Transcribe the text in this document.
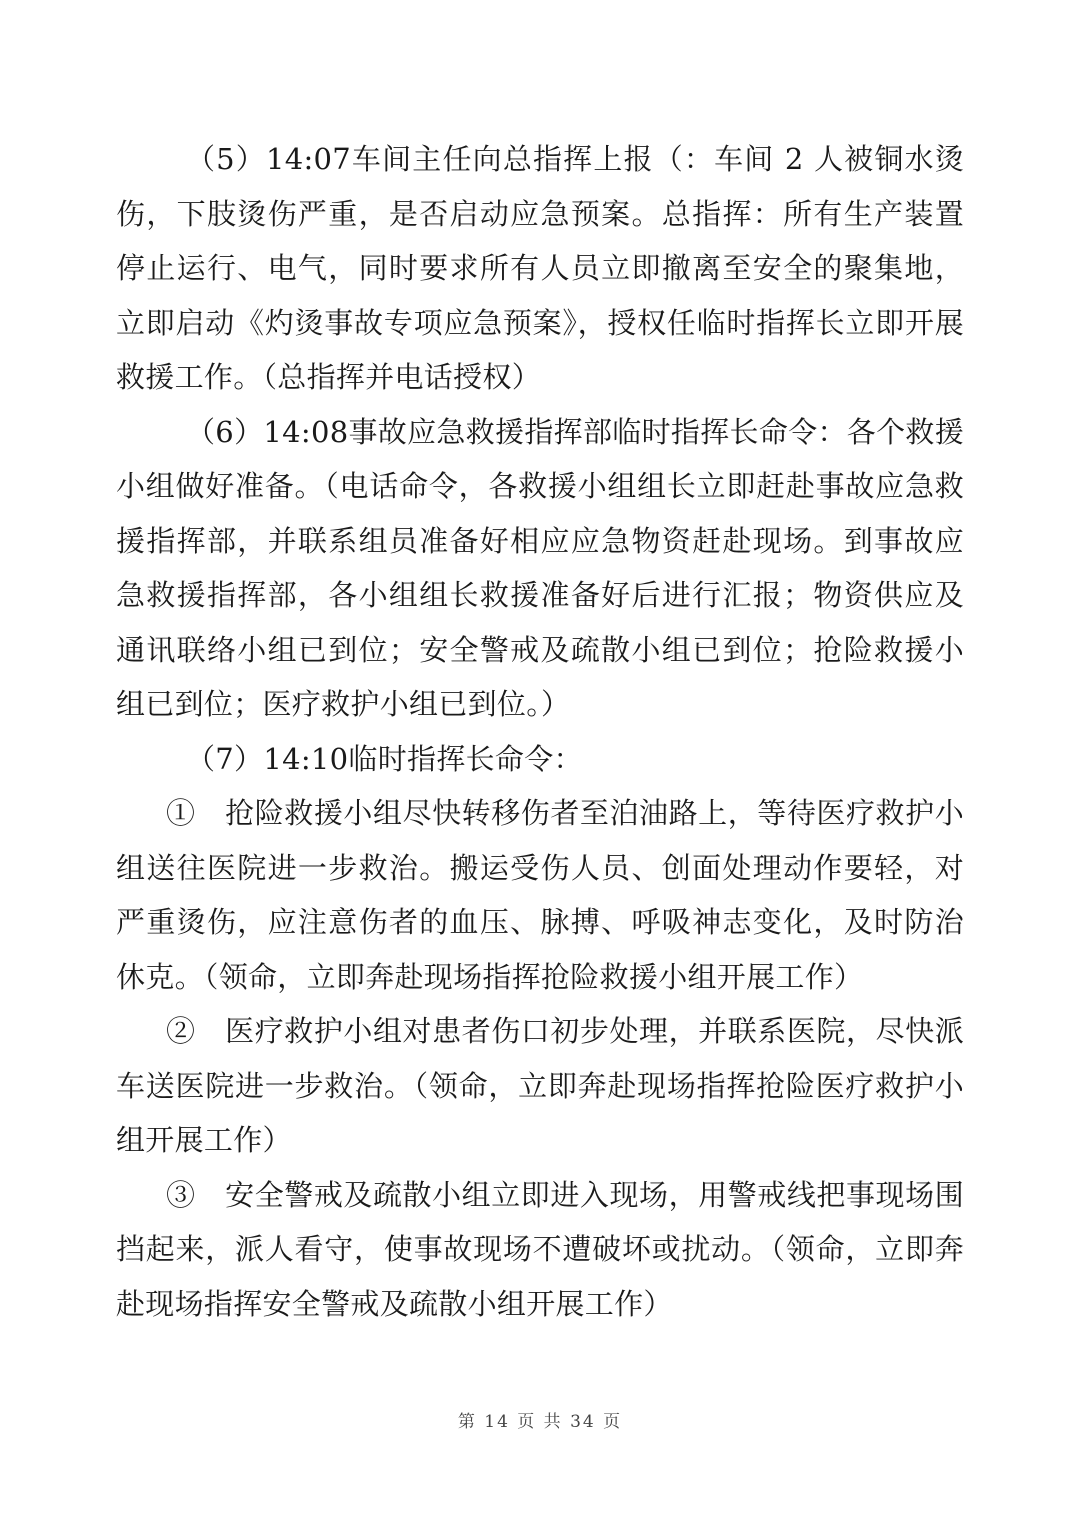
（5）14:07车间主任向总指挥上报（：车间 2 人被铜水烫伤，下肢烫伤严重，是否启动应急预案。总指挥：所有生产装置停止运行、电气，同时要求所有人员立即撤离至安全的聚集地，立即启动《灼烫事故专项应急预案》，授权任临时指挥长立即开展救援工作。（总指挥并电话授权）

（6）14:08事故应急救援指挥部临时指挥长命令：各个救援小组做好准备。（电话命令，各救援小组组长立即赶赴事故应急救援指挥部，并联系组员准备好相应应急物资赶赴现场。到事故应急救援指挥部，各小组组长救援准备好后进行汇报；物资供应及通讯联络小组已到位；安全警戒及疏散小组已到位；抢险救援小组已到位；医疗救护小组已到位。）

（7）14:10临时指挥长命令：

①　抢险救援小组尽快转移伤者至泊油路上，等待医疗救护小组送往医院进一步救治。搬运受伤人员、创面处理动作要轻，对严重烫伤，应注意伤者的血压、脉搏、呼吸神志变化，及时防治休克。（领命，立即奔赴现场指挥抢险救援小组开展工作）

②　医疗救护小组对患者伤口初步处理，并联系医院，尽快派车送医院进一步救治。（领命，立即奔赴现场指挥抢险医疗救护小组开展工作）

③　安全警戒及疏散小组立即进入现场，用警戒线把事现场围挡起来，派人看守，使事故现场不遭破坏或扰动。（领命，立即奔赴现场指挥安全警戒及疏散小组开展工作）

第 14 页 共 34 页
